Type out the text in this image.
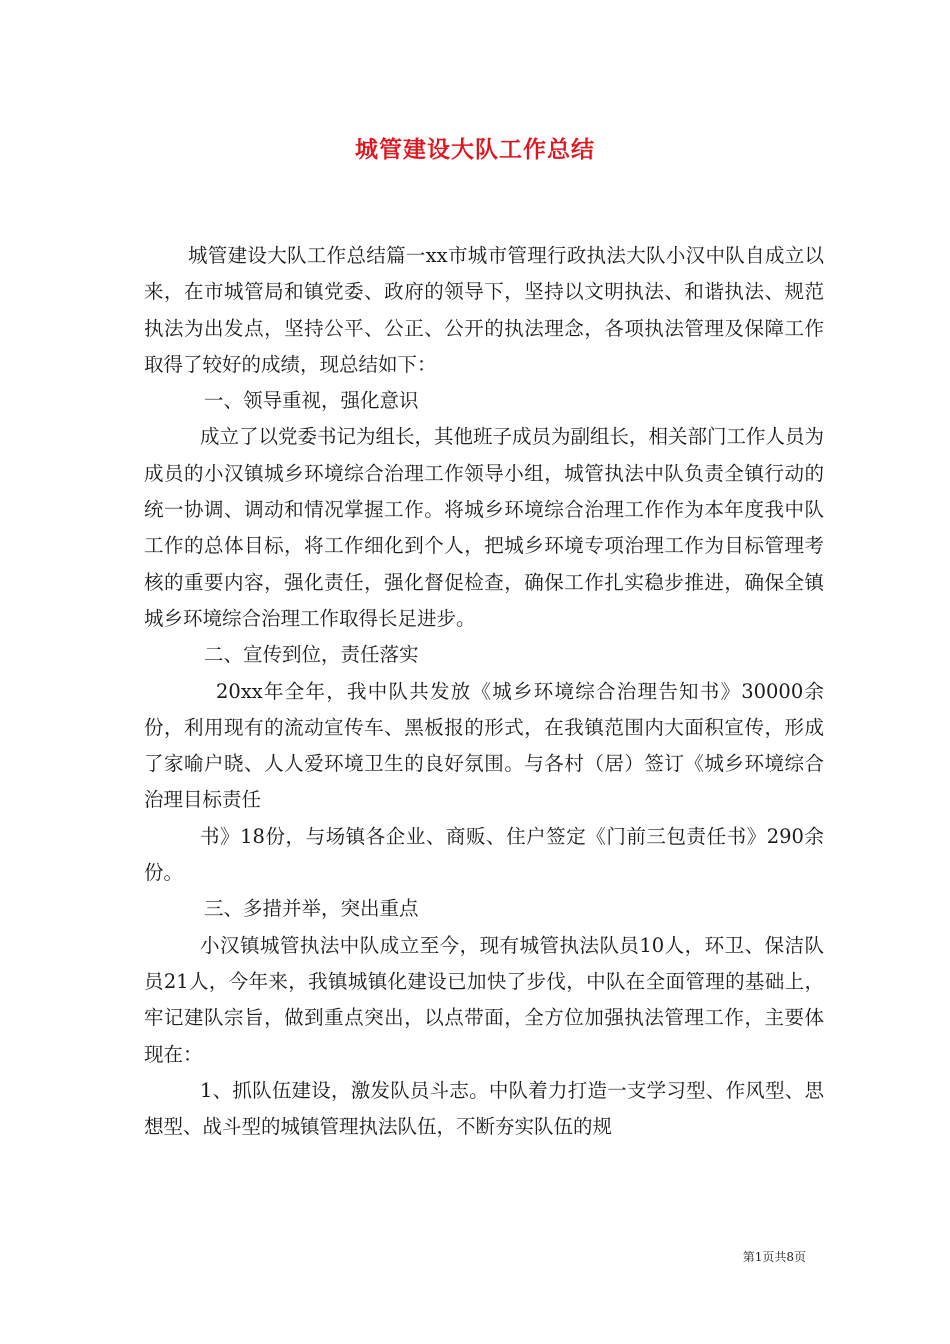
城管建设大队工作总结

城管建设大队工作总结篇一xx市城市管理行政执法大队小汉中队自成立以来，在市城管局和镇党委、政府的领导下，坚持以文明执法、和谐执法、规范执法为出发点，坚持公平、公正、公开的执法理念，各项执法管理及保障工作取得了较好的成绩，现总结如下：

一、领导重视，强化意识

成立了以党委书记为组长，其他班子成员为副组长，相关部门工作人员为成员的小汉镇城乡环境综合治理工作领导小组，城管执法中队负责全镇行动的统一协调、调动和情况掌握工作。将城乡环境综合治理工作作为本年度我中队工作的总体目标，将工作细化到个人，把城乡环境专项治理工作为目标管理考核的重要内容，强化责任，强化督促检查，确保工作扎实稳步推进，确保全镇城乡环境综合治理工作取得长足进步。

二、宣传到位，责任落实

20xx年全年，我中队共发放《城乡环境综合治理告知书》30000余份，利用现有的流动宣传车、黑板报的形式，在我镇范围内大面积宣传，形成了家喻户晓、人人爱环境卫生的良好氛围。与各村（居）签订《城乡环境综合治理目标责任

书》18份，与场镇各企业、商贩、住户签定《门前三包责任书》290余份。

三、多措并举，突出重点

小汉镇城管执法中队成立至今，现有城管执法队员10人，环卫、保洁队员21人，今年来，我镇城镇化建设已加快了步伐，中队在全面管理的基础上，牢记建队宗旨，做到重点突出，以点带面，全方位加强执法管理工作，主要体现在：

1、抓队伍建设，激发队员斗志。中队着力打造一支学习型、作风型、思想型、战斗型的城镇管理执法队伍，不断夯实队伍的规

第1页共8页
